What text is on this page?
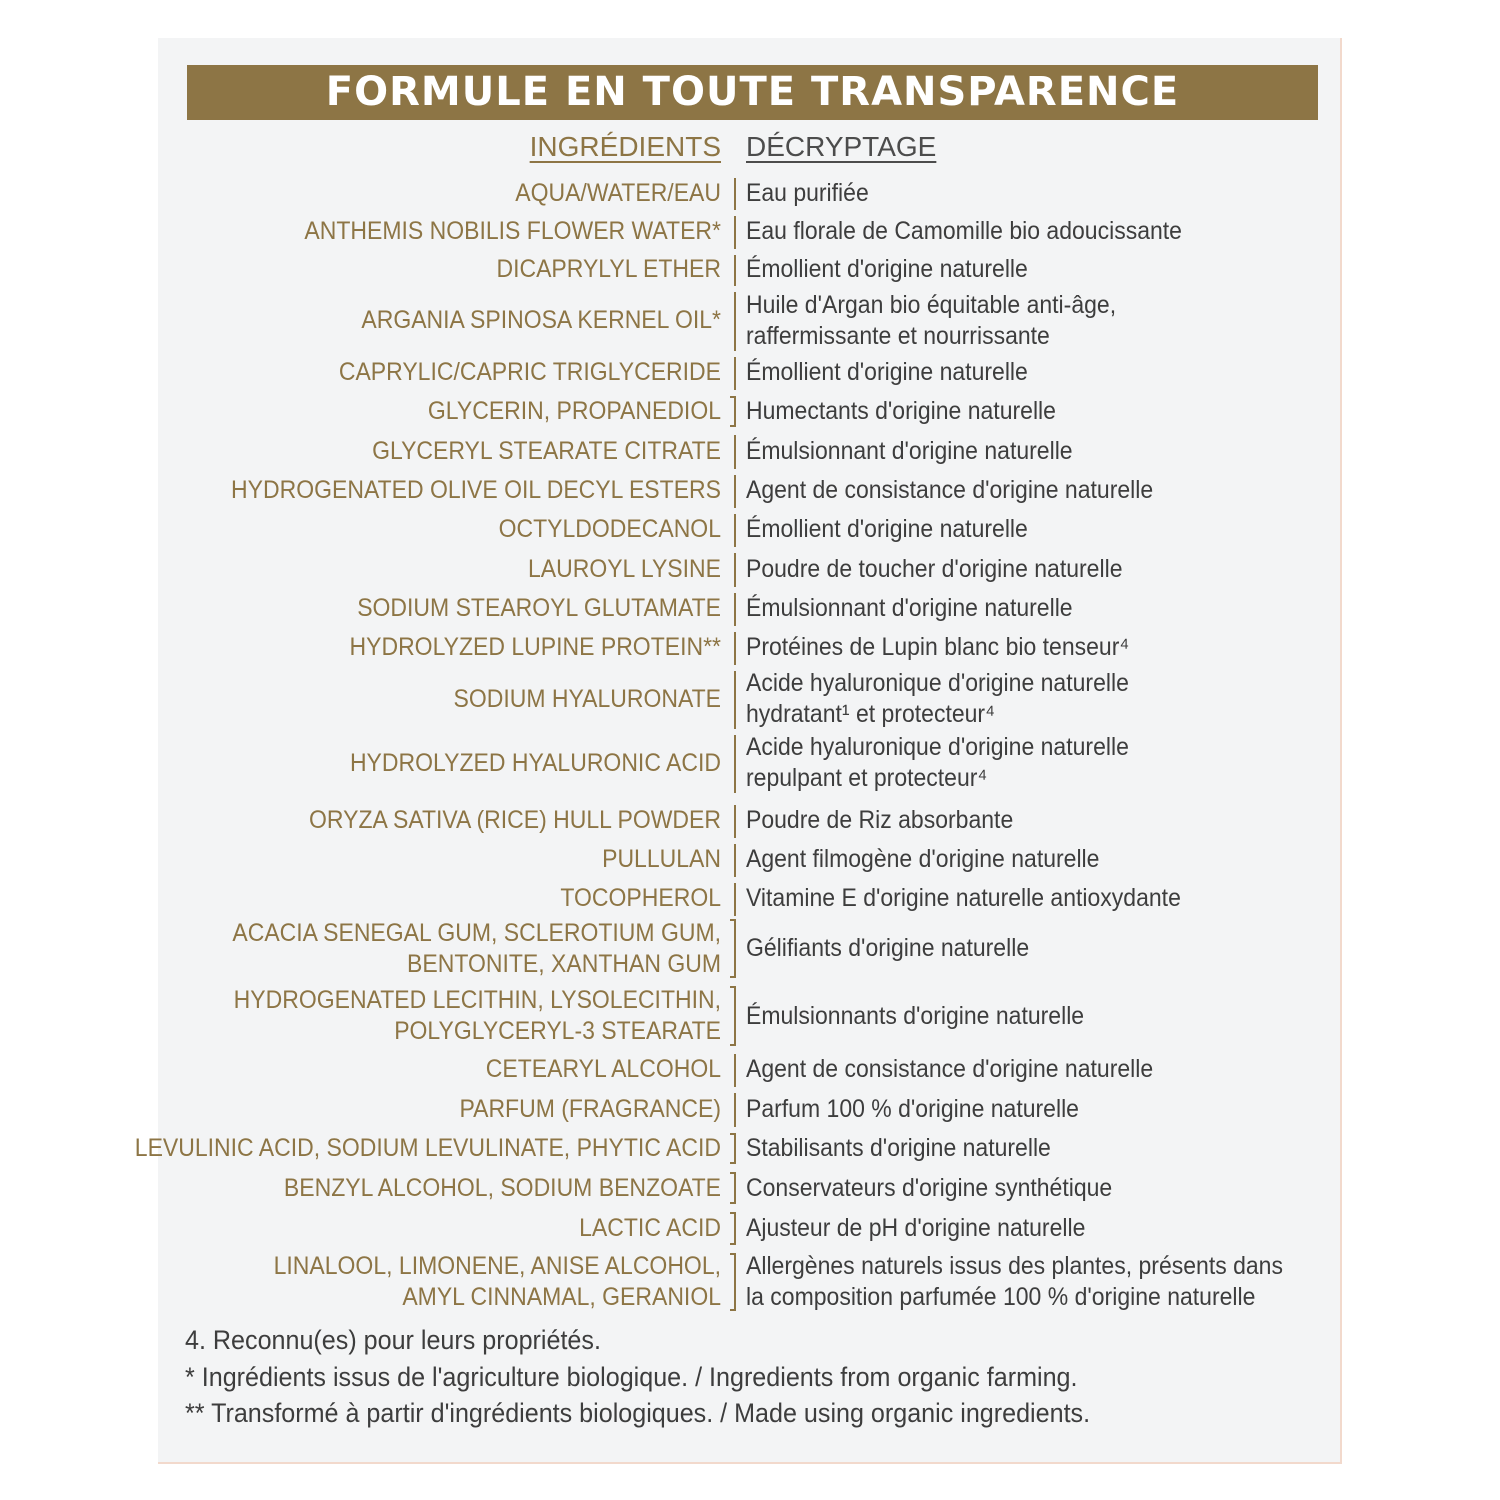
FORMULE EN TOUTE TRANSPARENCE
INGRÉDIENTS DÉCRYPTAGE
AQUA/WATER/EAU Eau purifiée
ANTHEMIS NOBILIS FLOWER WATER* Eau florale de Camomille bio adoucissante
DICAPRYLYL ETHER Émollient d'origine naturelle
ARGANIA SPINOSA KERNEL OIL*
Huile d'Argan bio équitable anti-âge,
raffermissante et nourrissante
CAPRYLIC/CAPRIC TRIGLYCERIDE Émollient d'origine naturelle
GLYCERIN, PROPANEDIOL Humectants d'origine naturelle
GLYCERYL STEARATE CITRATE Émulsionnant d'origine naturelle
HYDROGENATED OLIVE OIL DECYL ESTERS Agent de consistance d'origine naturelle
OCTYLDODECANOL Émollient d'origine naturelle
LAUROYL LYSINE Poudre de toucher d'origine naturelle
SODIUM STEAROYL GLUTAMATE Émulsionnant d'origine naturelle
HYDROLYZED LUPINE PROTEIN** Protéines de Lupin blanc bio tenseur⁴
SODIUM HYALURONATE
Acide hyaluronique d'origine naturelle
hydratant¹ et protecteur⁴
HYDROLYZED HYALURONIC ACID
Acide hyaluronique d'origine naturelle
repulpant et protecteur⁴
ORYZA SATIVA (RICE) HULL POWDER Poudre de Riz absorbante
PULLULAN Agent filmogène d'origine naturelle
TOCOPHEROL Vitamine E d'origine naturelle antioxydante
ACACIA SENEGAL GUM, SCLEROTIUM GUM,
BENTONITE, XANTHAN GUM
Gélifiants d'origine naturelle
HYDROGENATED LECITHIN, LYSOLECITHIN,
POLYGLYCERYL-3 STEARATE
Émulsionnants d'origine naturelle
CETEARYL ALCOHOL Agent de consistance d'origine naturelle
PARFUM (FRAGRANCE) Parfum 100 % d'origine naturelle
LEVULINIC ACID, SODIUM LEVULINATE, PHYTIC ACID Stabilisants d'origine naturelle
BENZYL ALCOHOL, SODIUM BENZOATE Conservateurs d'origine synthétique
LACTIC ACID Ajusteur de pH d'origine naturelle
LINALOOL, LIMONENE, ANISE ALCOHOL,
AMYL CINNAMAL, GERANIOL
Allergènes naturels issus des plantes, présents dans
la composition parfumée 100 % d'origine naturelle
4. Reconnu(es) pour leurs propriétés.
* Ingrédients issus de l'agriculture biologique. / Ingredients from organic farming.
** Transformé à partir d'ingrédients biologiques. / Made using organic ingredients.
